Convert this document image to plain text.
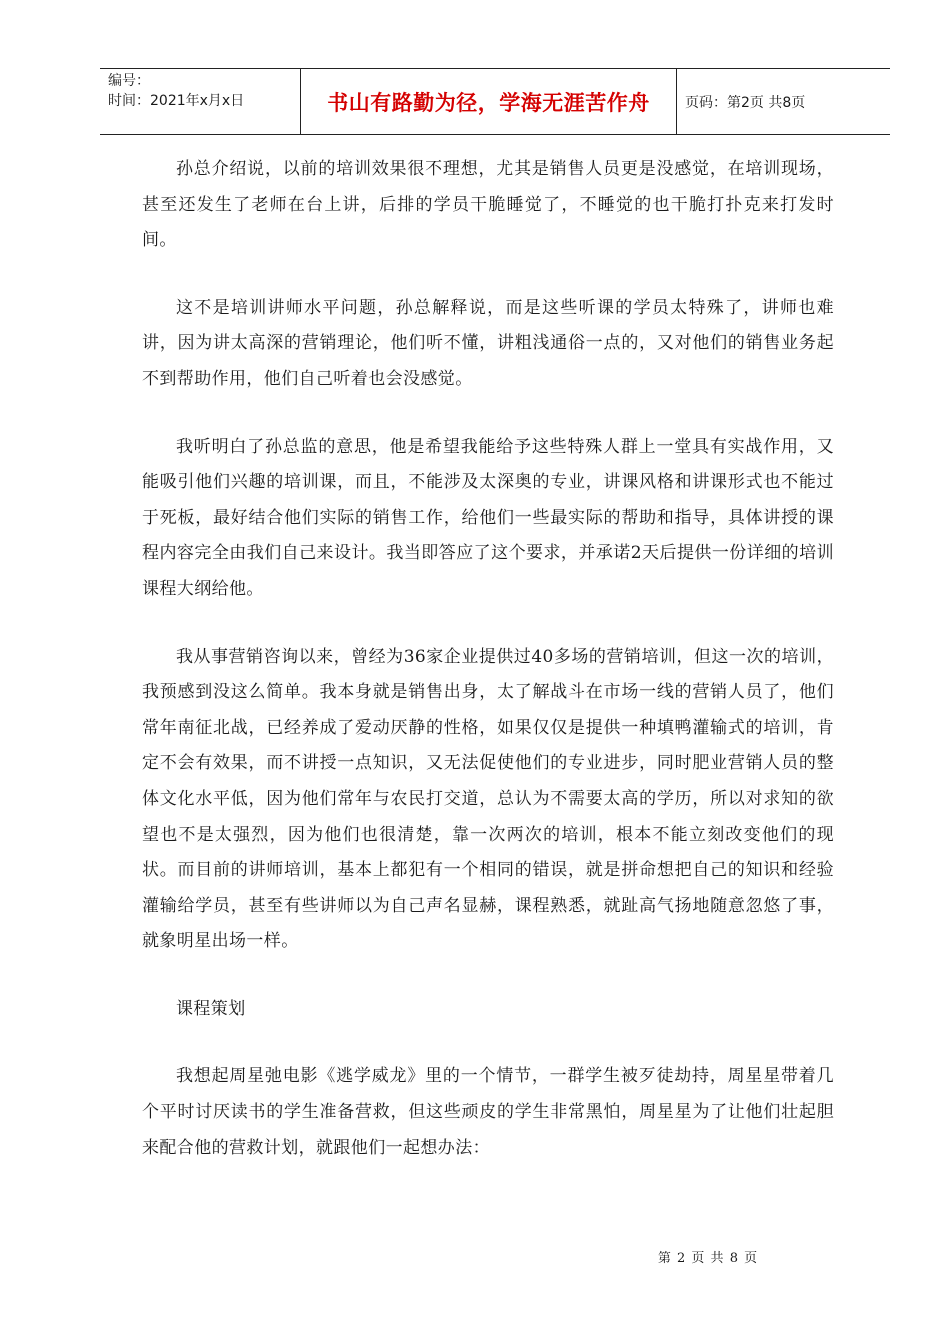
编号：
时间：2021年x月x日	书山有路勤为径，学海无涯苦作舟	页码：第2页 共8页

孙总介绍说，以前的培训效果很不理想，尤其是销售人员更是没感觉，在培训现场，甚至还发生了老师在台上讲，后排的学员干脆睡觉了，不睡觉的也干脆打扑克来打发时间。

这不是培训讲师水平问题，孙总解释说，而是这些听课的学员太特殊了，讲师也难讲，因为讲太高深的营销理论，他们听不懂，讲粗浅通俗一点的，又对他们的销售业务起不到帮助作用，他们自己听着也会没感觉。

我听明白了孙总监的意思，他是希望我能给予这些特殊人群上一堂具有实战作用，又能吸引他们兴趣的培训课，而且，不能涉及太深奥的专业，讲课风格和讲课形式也不能过于死板，最好结合他们实际的销售工作，给他们一些最实际的帮助和指导，具体讲授的课程内容完全由我们自己来设计。我当即答应了这个要求，并承诺2天后提供一份详细的培训课程大纲给他。

我从事营销咨询以来，曾经为36家企业提供过40多场的营销培训，但这一次的培训，我预感到没这么简单。我本身就是销售出身，太了解战斗在市场一线的营销人员了，他们常年南征北战，已经养成了爱动厌静的性格，如果仅仅是提供一种填鸭灌输式的培训，肯定不会有效果，而不讲授一点知识，又无法促使他们的专业进步，同时肥业营销人员的整体文化水平低，因为他们常年与农民打交道，总认为不需要太高的学历，所以对求知的欲望也不是太强烈，因为他们也很清楚，靠一次两次的培训，根本不能立刻改变他们的现状。而目前的讲师培训，基本上都犯有一个相同的错误，就是拼命想把自己的知识和经验灌输给学员，甚至有些讲师以为自己声名显赫，课程熟悉，就趾高气扬地随意忽悠了事，就象明星出场一样。

课程策划

我想起周星弛电影《逃学威龙》里的一个情节，一群学生被歹徒劫持，周星星带着几个平时讨厌读书的学生准备营救，但这些顽皮的学生非常黑怕，周星星为了让他们壮起胆来配合他的营救计划，就跟他们一起想办法：

第 2 页 共 8 页
